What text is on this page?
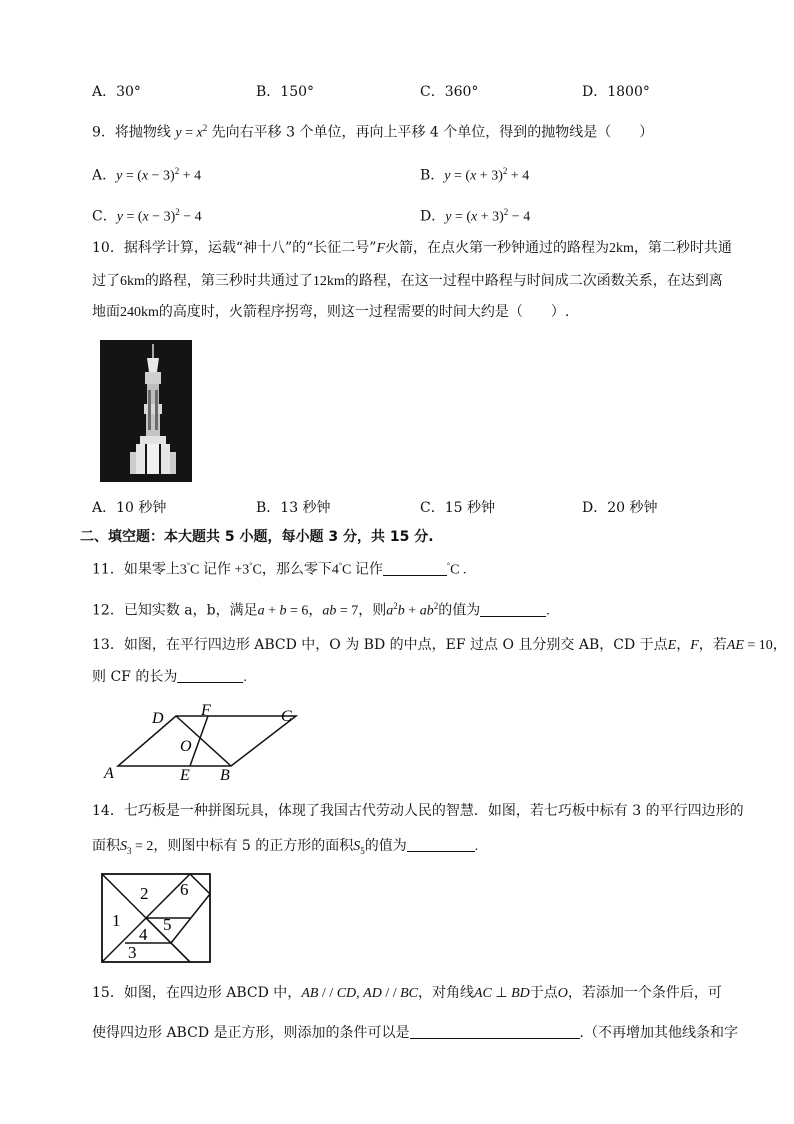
A．30°	B．150°	C．360°	D．1800°
9．将抛物线 $y = x^2$ 先向右平移 3 个单位，再向上平移 4 个单位，得到的抛物线是（　　）
A．$y = (x - 3)^2 + 4$	B．$y = (x + 3)^2 + 4$
C．$y = (x - 3)^2 - 4$	D．$y = (x + 3)^2 - 4$
10．据科学计算，运载“神十八”的“长征二号”F火箭，在点火第一秒钟通过的路程为2km，第二秒时共通
过了6km的路程，第三秒时共通过了12km的路程，在这一过程中路程与时间成二次函数关系，在达到离
地面240km的高度时，火箭程序拐弯，则这一过程需要的时间大约是（　　）.
A．10 秒钟	B．13 秒钟	C．15 秒钟	D．20 秒钟
二、填空题：本大题共 5 小题，每小题 3 分，共 15 分.
11．如果零上3°C 记作 +3°C，那么零下4°C 记作	°C .
12．已知实数 a，b，满足a + b = 6，ab = 7，则$a^2b + ab^2$的值为	.
13．如图，在平行四边形 ABCD 中，O 为 BD 的中点，EF 过点 O 且分别交 AB，CD 于点E，F，若AE = 10，
则 CF 的长为	.
D F	C
O
A	E B
14．七巧板是一种拼图玩具，体现了我国古代劳动人民的智慧．如图，若七巧板中标有 3 的平行四边形的
面积$S_3 = 2$，则图中标有 5 的正方形的面积$S_5$的值为	.
1
2
3
4
5
6
15．如图，在四边形 ABCD 中，AB / / CD, AD / / BC，对角线AC ⊥ BD于点O，若添加一个条件后，可
使得四边形 ABCD 是正方形，则添加的条件可以是	.（不再增加其他线条和字
